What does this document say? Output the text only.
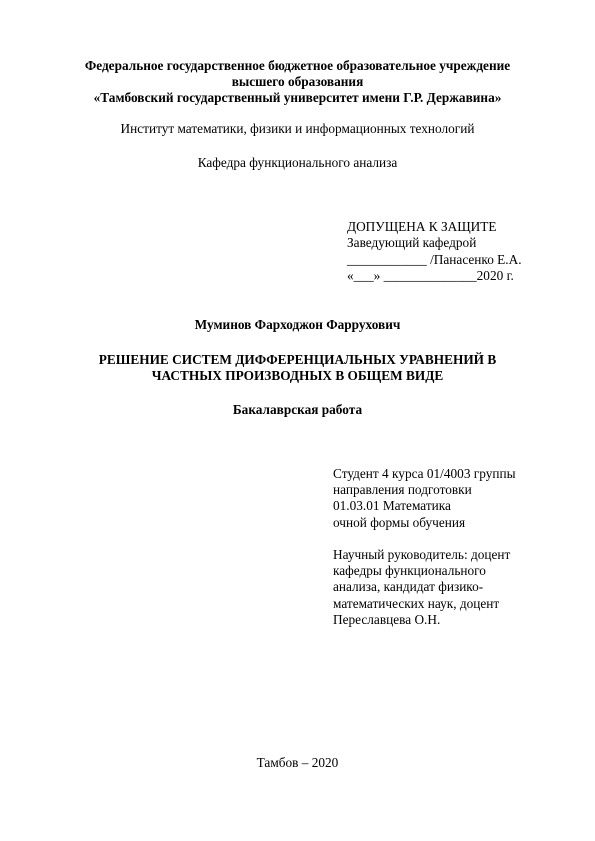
Федеральное государственное бюджетное образовательное учреждение
высшего образования
«Тамбовский государственный университет имени Г.Р. Державина»
Институт математики, физики и информационных технологий
Кафедра функционального анализа
ДОПУЩЕНА К ЗАЩИТЕ
Заведующий кафедрой
____________ /Панасенко Е.А.
«___» ______________2020 г.
Муминов Фарходжон Фаррухович
РЕШЕНИЕ СИСТЕМ ДИФФЕРЕНЦИАЛЬНЫХ УРАВНЕНИЙ В
ЧАСТНЫХ ПРОИЗВОДНЫХ В ОБЩЕМ ВИДЕ
Бакалаврская работа
Студент 4 курса 01/4003 группы
направления подготовки
01.03.01 Математика
очной формы обучения
Научный руководитель: доцент
кафедры функционального
анализа, кандидат физико-
математических наук, доцент
Переславцева О.Н.
Тамбов – 2020
